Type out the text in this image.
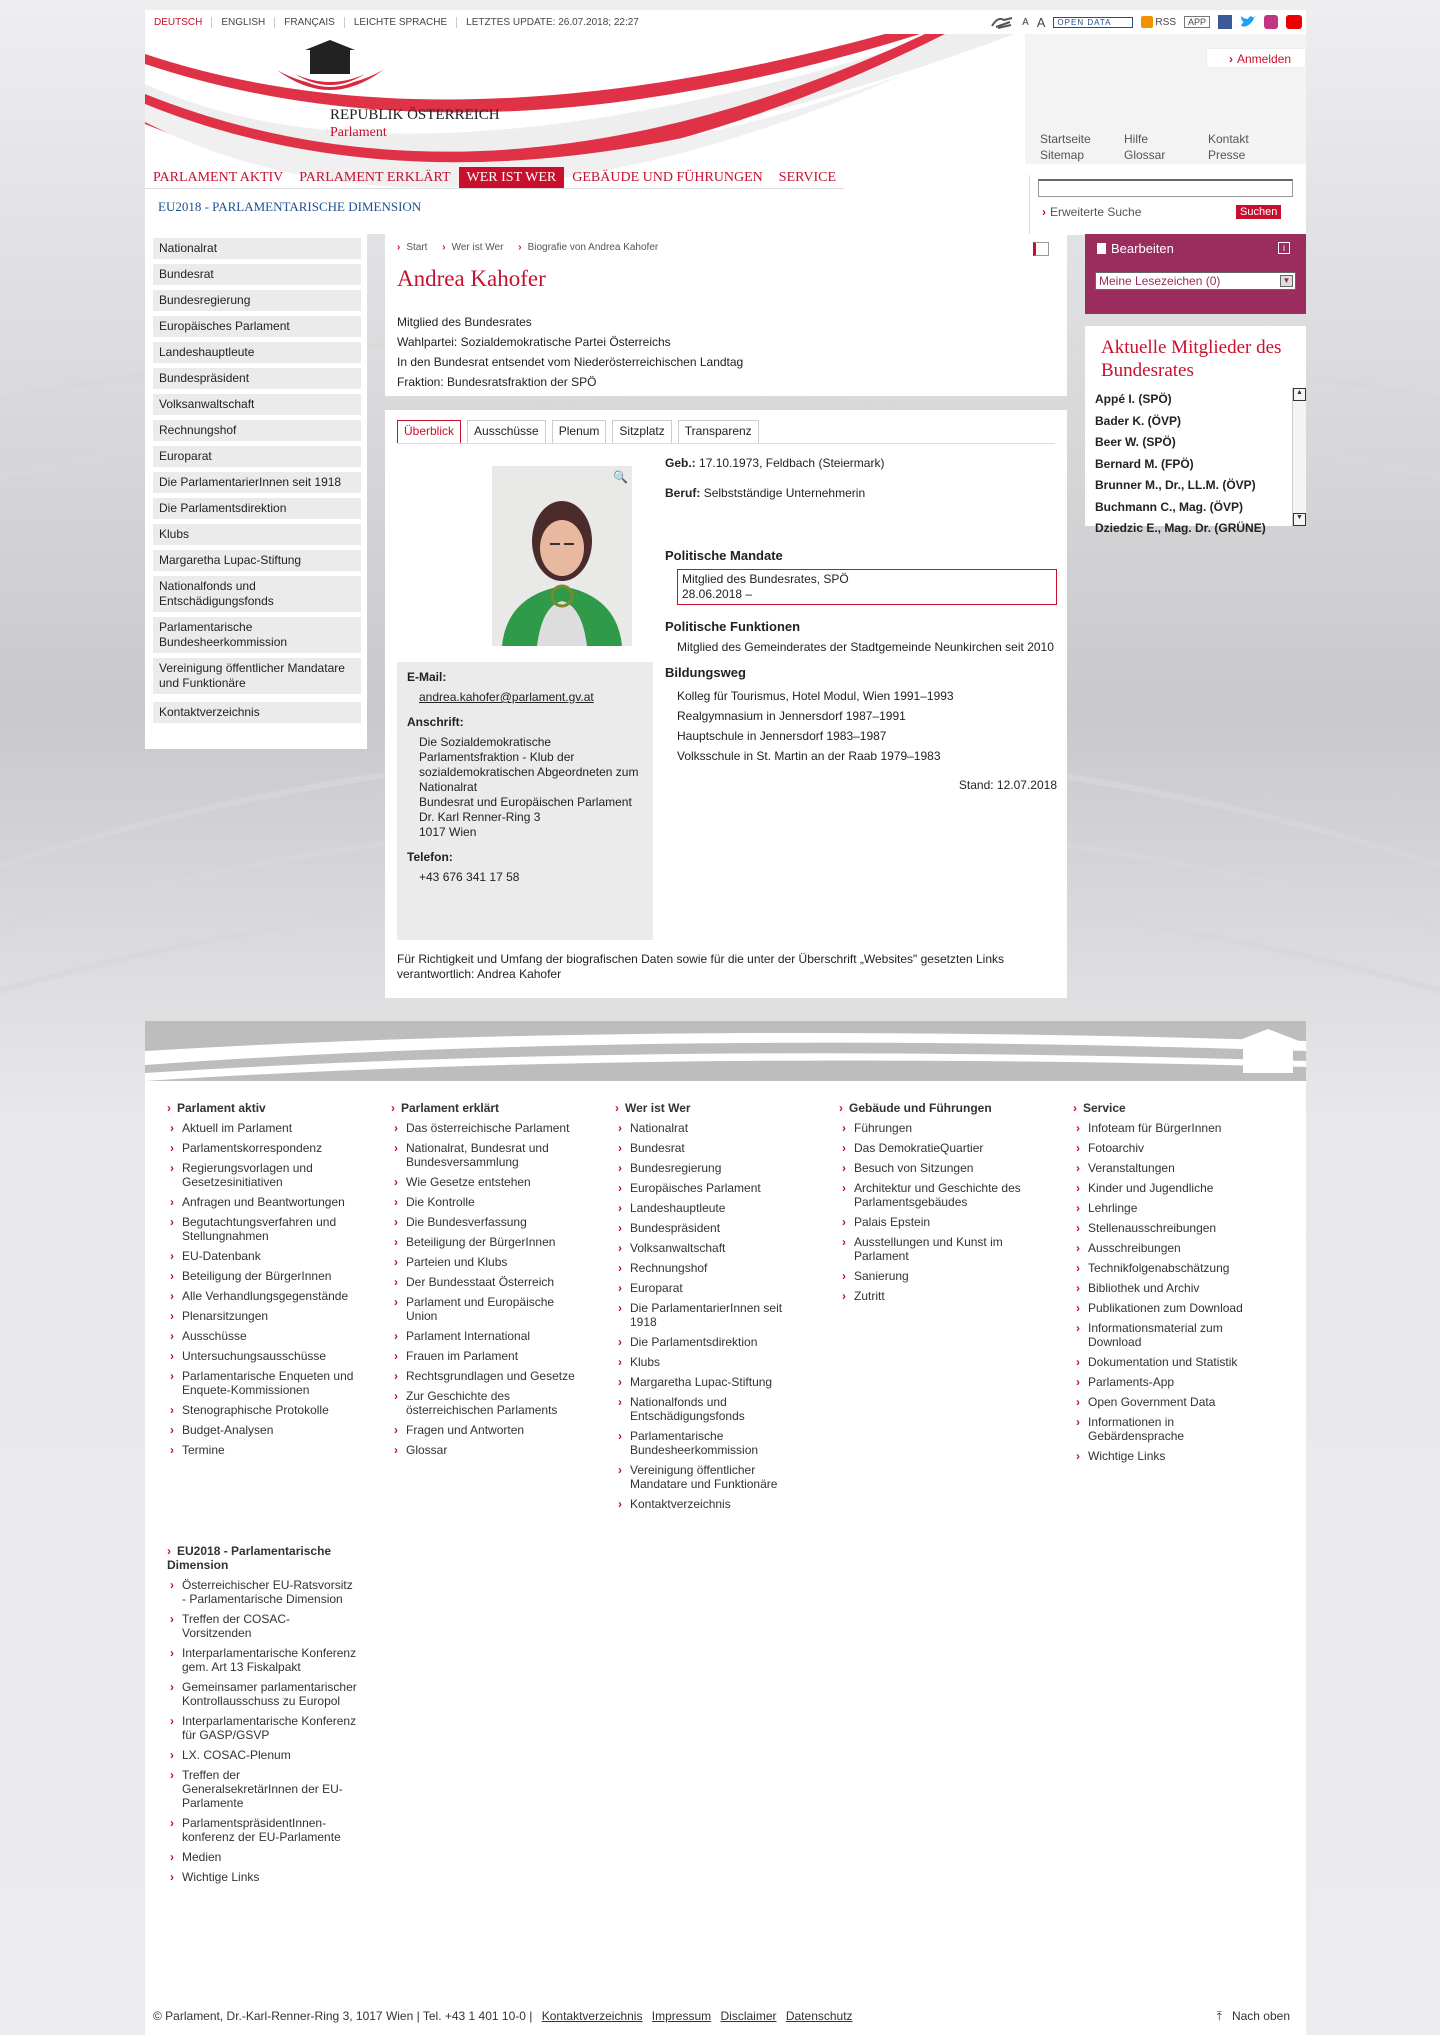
DEUTSCH	ENGLISH	FRANÇAIS	LEICHTE SPRACHE	LETZTES UPDATE: 26.07.2018; 22:27	A A	OPEN DATA	RSS	APP
REPUBLIK ÖSTERREICH
Parlament
› Anmelden
Startseite	Hilfe	Kontakt
Sitemap	Glossar	Presse
PARLAMENT AKTIV	PARLAMENT ERKLÄRT	WER IST WER	GEBÄUDE UND FÜHRUNGEN	SERVICE
EU2018 - PARLAMENTARISCHE DIMENSION	› Erweiterte Suche	Suchen
Nationalrat
Bundesrat
Bundesregierung
Europäisches Parlament
Landeshauptleute
Bundespräsident
Volksanwaltschaft
Rechnungshof
Europarat
Die ParlamentarierInnen seit 1918
Die Parlamentsdirektion
Klubs
Margaretha Lupac-Stiftung
Nationalfonds und Entschädigungsfonds
Parlamentarische Bundesheerkommission
Vereinigung öffentlicher Mandatare und Funktionäre
Kontaktverzeichnis
› Start › Wer ist Wer › Biografie von Andrea Kahofer
Andrea Kahofer
Mitglied des Bundesrates
Wahlpartei: Sozialdemokratische Partei Österreichs
In den Bundesrat entsendet vom Niederösterreichischen Landtag
Fraktion: Bundesratsfraktion der SPÖ
Überblick	Ausschüsse	Plenum	Sitzplatz	Transparenz
🔍
E-Mail:
andrea.kahofer@parlament.gv.at
Anschrift:
Die Sozialdemokratische Parlamentsfraktion - Klub der sozialdemokratischen Abgeordneten zum Nationalrat
Bundesrat und Europäischen Parlament
Dr. Karl Renner-Ring 3
1017 Wien
Telefon:
+43 676 341 17 58
Geb.: 17.10.1973, Feldbach (Steiermark)
Beruf: Selbstständige Unternehmerin
Politische Mandate
Mitglied des Bundesrates, SPÖ
28.06.2018 –
Politische Funktionen
Mitglied des Gemeinderates der Stadtgemeinde Neunkirchen seit 2010
Bildungsweg
Kolleg für Tourismus, Hotel Modul, Wien 1991–1993
Realgymnasium in Jennersdorf 1987–1991
Hauptschule in Jennersdorf 1983–1987
Volksschule in St. Martin an der Raab 1979–1983
Stand: 12.07.2018
Für Richtigkeit und Umfang der biografischen Daten sowie für die unter der Überschrift „Websites" gesetzten Links verantwortlich: Andrea Kahofer
Bearbeiten	i
Meine Lesezeichen (0)	▼
Aktuelle Mitglieder des Bundesrates
Appé I. (SPÖ)
Bader K. (ÖVP)
Beer W. (SPÖ)
Bernard M. (FPÖ)
Brunner M., Dr., LL.M. (ÖVP)
Buchmann C., Mag. (ÖVP)
Dziedzic E., Mag. Dr. (GRÜNE)
▲
▼
› Parlament aktiv
› Aktuell im Parlament
› Parlamentskorrespondenz
› Regierungsvorlagen und Gesetzesinitiativen
› Anfragen und Beantwortungen
› Begutachtungsverfahren und Stellungnahmen
› EU-Datenbank
› Beteiligung der BürgerInnen
› Alle Verhandlungsgegenstände
› Plenarsitzungen
› Ausschüsse
› Untersuchungsausschüsse
› Parlamentarische Enqueten und Enquete-Kommissionen
› Stenographische Protokolle
› Budget-Analysen
› Termine
› Parlament erklärt
› Das österreichische Parlament
› Nationalrat, Bundesrat und Bundesversammlung
› Wie Gesetze entstehen
› Die Kontrolle
› Die Bundesverfassung
› Beteiligung der BürgerInnen
› Parteien und Klubs
› Der Bundesstaat Österreich
› Parlament und Europäische Union
› Parlament International
› Frauen im Parlament
› Rechtsgrundlagen und Gesetze
› Zur Geschichte des österreichischen Parlaments
› Fragen und Antworten
› Glossar
› Wer ist Wer
› Nationalrat
› Bundesrat
› Bundesregierung
› Europäisches Parlament
› Landeshauptleute
› Bundespräsident
› Volksanwaltschaft
› Rechnungshof
› Europarat
› Die ParlamentarierInnen seit 1918
› Die Parlamentsdirektion
› Klubs
› Margaretha Lupac-Stiftung
› Nationalfonds und Entschädigungsfonds
› Parlamentarische Bundesheerkommission
› Vereinigung öffentlicher Mandatare und Funktionäre
› Kontaktverzeichnis
› Gebäude und Führungen
› Führungen
› Das DemokratieQuartier
› Besuch von Sitzungen
› Architektur und Geschichte des Parlamentsgebäudes
› Palais Epstein
› Ausstellungen und Kunst im Parlament
› Sanierung
› Zutritt
› Service
› Infoteam für BürgerInnen
› Fotoarchiv
› Veranstaltungen
› Kinder und Jugendliche
› Lehrlinge
› Stellenausschreibungen
› Ausschreibungen
› Technikfolgenabschätzung
› Bibliothek und Archiv
› Publikationen zum Download
› Informationsmaterial zum Download
› Dokumentation und Statistik
› Parlaments-App
› Open Government Data
› Informationen in Gebärdensprache
› Wichtige Links
› EU2018 - Parlamentarische Dimension
› Österreichischer EU-Ratsvorsitz - Parlamentarische Dimension
› Treffen der COSAC-Vorsitzenden
› Interparlamentarische Konferenz gem. Art 13 Fiskalpakt
› Gemeinsamer parlamentarischer Kontrollausschuss zu Europol
› Interparlamentarische Konferenz für GASP/GSVP
› LX. COSAC-Plenum
› Treffen der GeneralsekretärInnen der EU-Parlamente
› ParlamentspräsidentInnen-konferenz der EU-Parlamente
› Medien
› Wichtige Links
© Parlament, Dr.-Karl-Renner-Ring 3, 1017 Wien | Tel. +43 1 401 10-0 | Kontaktverzeichnis Impressum Disclaimer Datenschutz	⤒ Nach oben
